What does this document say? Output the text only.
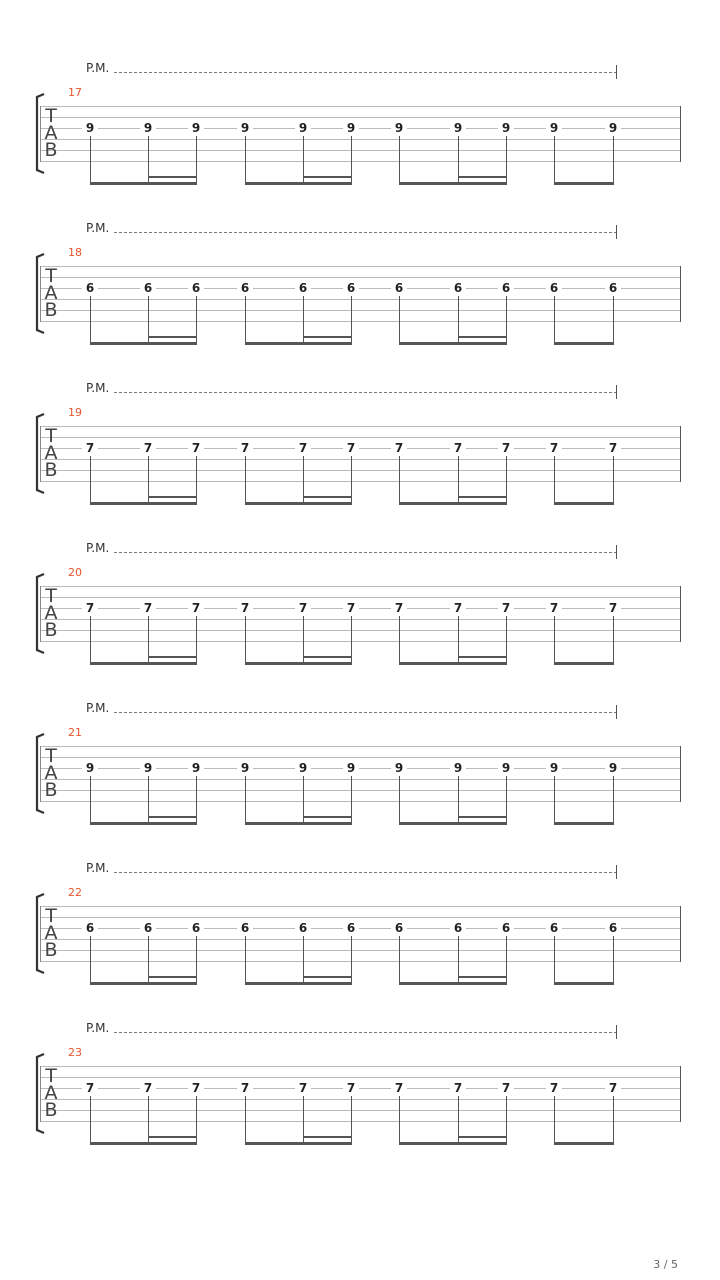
P.M.
17
T
A
B
9	9	9	9	9	9	9	9	9	9	9
P.M.
18
T
A
B
6	6	6	6	6	6	6	6	6	6	6
P.M.
19
T
A
B
7	7	7	7	7	7	7	7	7	7	7
P.M.
20
T
A
B
7	7	7	7	7	7	7	7	7	7	7
P.M.
21
T
A
B
9	9	9	9	9	9	9	9	9	9	9
P.M.
22
T
A
B
6	6	6	6	6	6	6	6	6	6	6
P.M.
23
T
A
B
7	7	7	7	7	7	7	7	7	7	7
3 / 5
